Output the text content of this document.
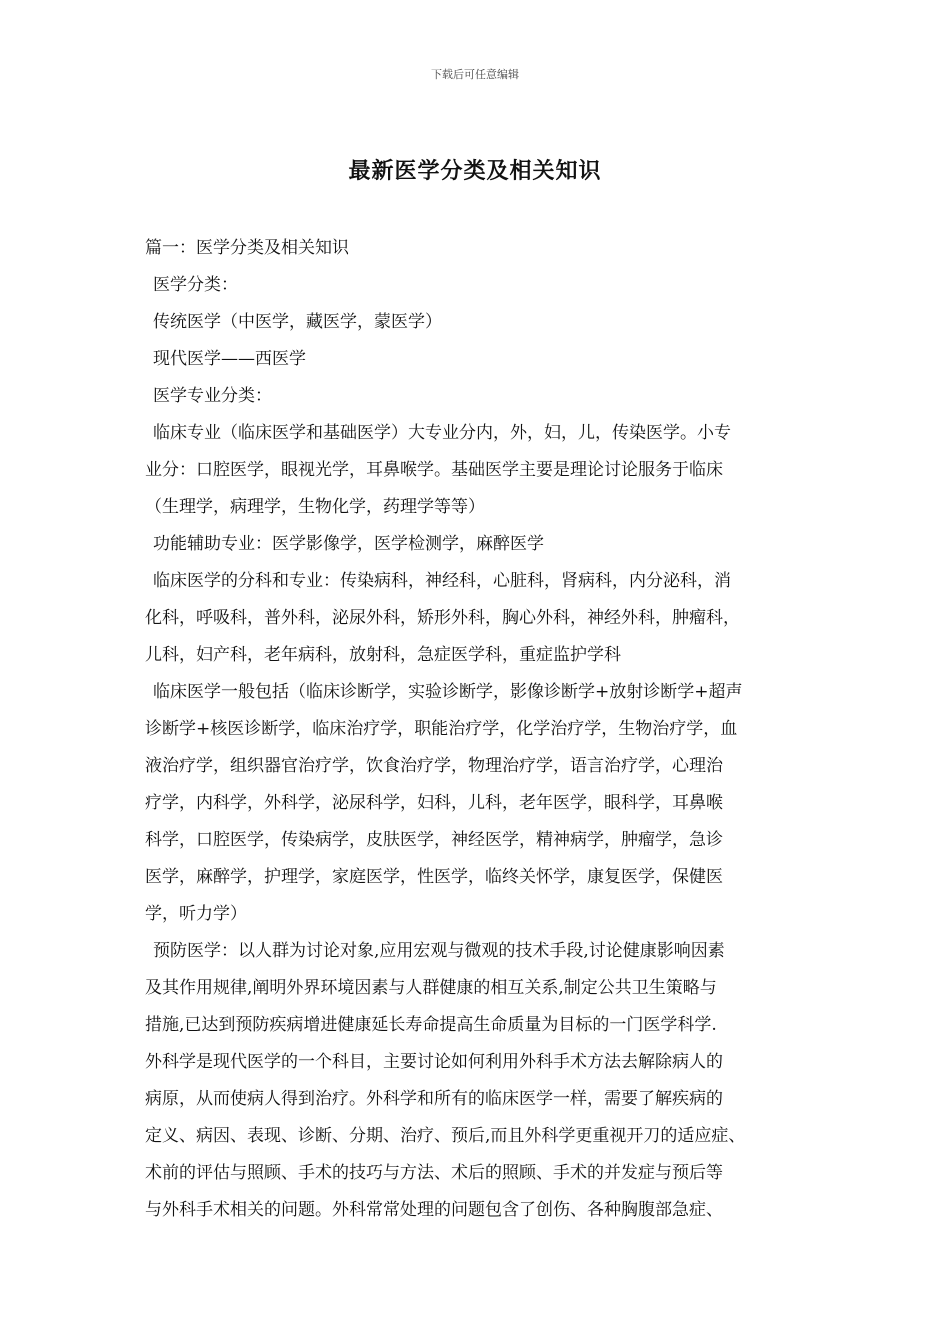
下载后可任意编辑
最新医学分类及相关知识
篇一：医学分类及相关知识
医学分类：
传统医学（中医学，藏医学，蒙医学）
现代医学——西医学
医学专业分类：
临床专业（临床医学和基础医学）大专业分内，外，妇，儿，传染医学。小专
业分：口腔医学，眼视光学，耳鼻喉学。基础医学主要是理论讨论服务于临床
（生理学，病理学，生物化学，药理学等等）
功能辅助专业：医学影像学，医学检测学，麻醉医学
临床医学的分科和专业：传染病科，神经科，心脏科，肾病科，内分泌科，消
化科，呼吸科，普外科，泌尿外科，矫形外科，胸心外科，神经外科，肿瘤科，
儿科，妇产科，老年病科，放射科，急症医学科，重症监护学科
临床医学一般包括（临床诊断学，实验诊断学，影像诊断学+放射诊断学+超声
诊断学+核医诊断学，临床治疗学，职能治疗学，化学治疗学，生物治疗学，血
液治疗学，组织器官治疗学，饮食治疗学，物理治疗学，语言治疗学，心理治
疗学，内科学，外科学，泌尿科学，妇科，儿科，老年医学，眼科学，耳鼻喉
科学，口腔医学，传染病学，皮肤医学，神经医学，精神病学，肿瘤学，急诊
医学，麻醉学，护理学，家庭医学，性医学，临终关怀学，康复医学，保健医
学，听力学）
预防医学：以人群为讨论对象,应用宏观与微观的技术手段,讨论健康影响因素
及其作用规律,阐明外界环境因素与人群健康的相互关系,制定公共卫生策略与
措施,已达到预防疾病增进健康延长寿命提高生命质量为目标的一门医学科学.
外科学是现代医学的一个科目，主要讨论如何利用外科手术方法去解除病人的
病原，从而使病人得到治疗。外科学和所有的临床医学一样，需要了解疾病的
定义、病因、表现、诊断、分期、治疗、预后,而且外科学更重视开刀的适应症、
术前的评估与照顾、手术的技巧与方法、术后的照顾、手术的并发症与预后等
与外科手术相关的问题。外科常常处理的问题包含了创伤、各种胸腹部急症、
